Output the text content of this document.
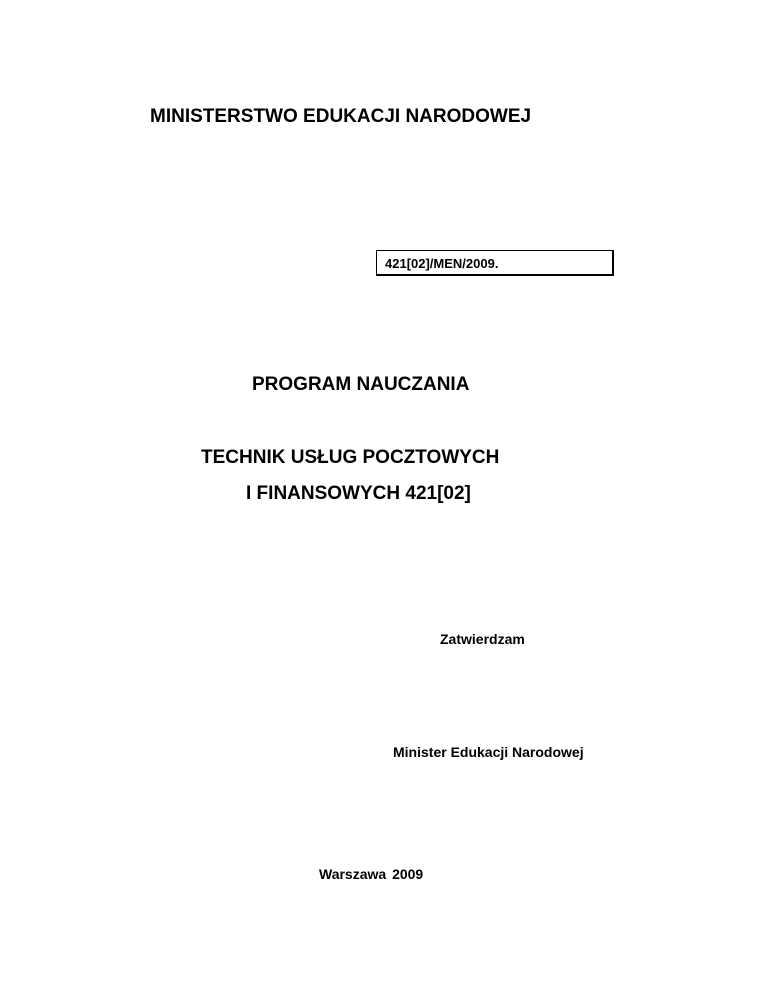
MINISTERSTWO EDUKACJI NARODOWEJ
421[02]/MEN/2009.
PROGRAM NAUCZANIA
TECHNIK USŁUG POCZTOWYCH
I FINANSOWYCH 421[02]
Zatwierdzam
Minister Edukacji Narodowej
Warszawa 2009
